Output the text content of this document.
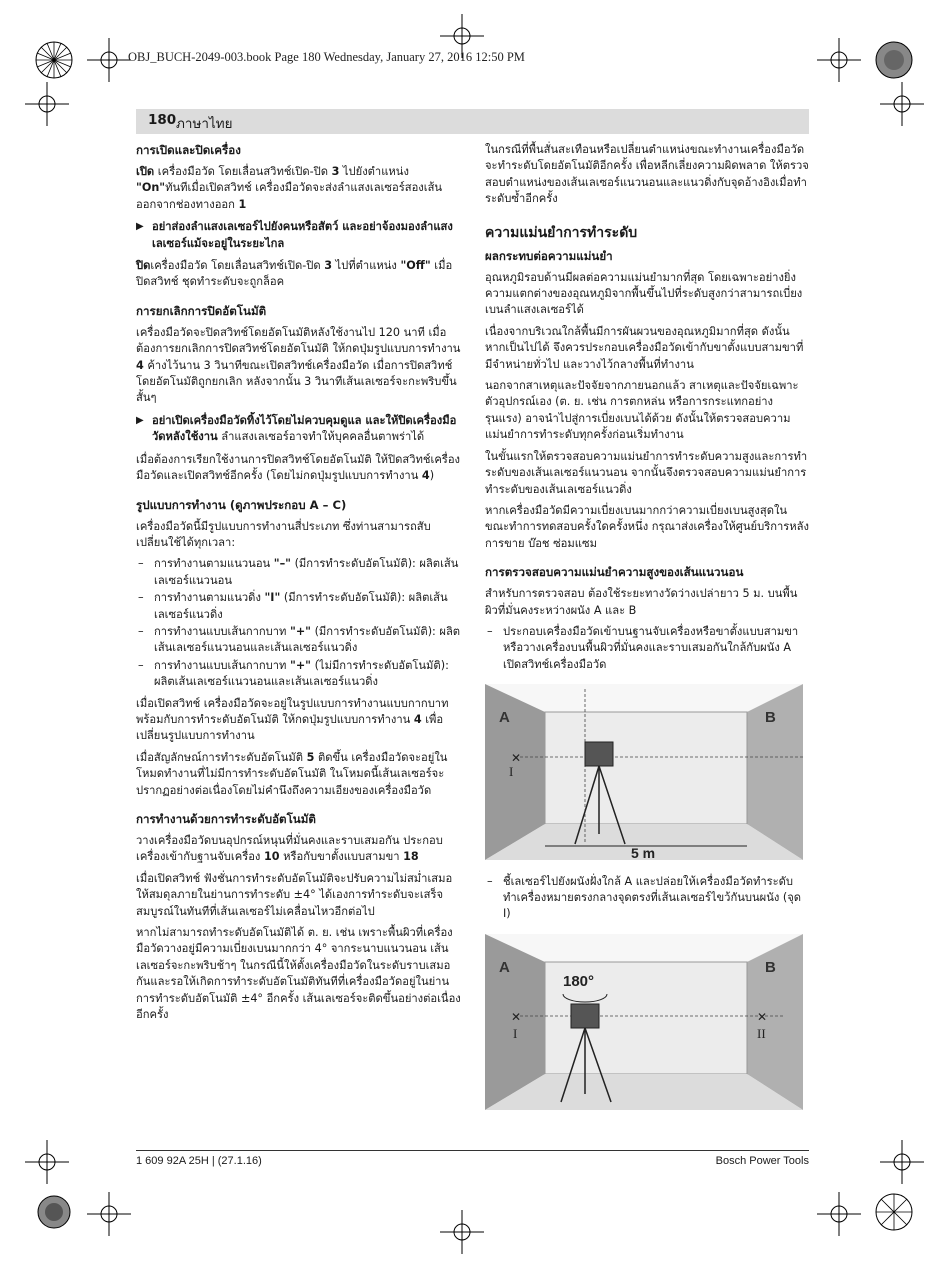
OBJ_BUCH-2049-003.book Page 180 Wednesday, January 27, 2016 12:50 PM
180 ภาษาไทย
การเปิดและปิดเครื่อง

เปิด เครื่องมือวัด โดยเลื่อนสวิทช์เปิด-ปิด 3 ไปยังตำแหน่ง "On"ทันทีเมื่อเปิดสวิทช์ เครื่องมือวัดจะส่งลำแสงเลเซอร์สองเส้นออกจากช่องทางออก 1

▶ อย่าส่องลำแสงเลเซอร์ไปยังคนหรือสัตว์ และอย่าจ้องมองลำแสงเลเซอร์แม้จะอยู่ในระยะไกล

ปิดเครื่องมือวัด โดยเลื่อนสวิทช์เปิด-ปิด 3 ไปที่ตำแหน่ง "Off" เมื่อปิดสวิทช์ ชุดทำระดับจะถูกล็อค

การยกเลิกการปิดอัตโนมัติ

เครื่องมือวัดจะปิดสวิทช์โดยอัตโนมัติหลังใช้งานไป 120 นาที เมื่อต้องการยกเลิกการปิดสวิทช์โดยอัตโนมัติ ให้กดปุ่มรูปแบบการทำงาน 4 ค้างไว้นาน 3 วินาทีขณะเปิดสวิทช์เครื่องมือวัด เมื่อการปิดสวิทช์โดยอัตโนมัติถูกยกเลิก หลังจากนั้น 3 วินาทีเส้นเลเซอร์จะกะพริบขึ้นสั้นๆ

▶ อย่าเปิดเครื่องมือวัดทิ้งไว้โดยไม่ควบคุมดูแล และให้ปิดเครื่องมือวัดหลังใช้งาน ลำแสงเลเซอร์อาจทำให้บุคคลอื่นตาพร่าได้

เมื่อต้องการเรียกใช้งานการปิดสวิทช์โดยอัตโนมัติ ให้ปิดสวิทช์เครื่องมือวัดและเปิดสวิทช์อีกครั้ง (โดยไม่กดปุ่มรูปแบบการทำงาน 4)

รูปแบบการทำงาน (ดูภาพประกอบ A – C)

เครื่องมือวัดนี้มีรูปแบบการทำงานสี่ประเภท ซึ่งท่านสามารถสับเปลี่ยนใช้ได้ทุกเวลา:

– การทำงานตามแนวนอน "–" (มีการทำระดับอัตโนมัติ): ผลิตเส้นเลเซอร์แนวนอน
– การทำงานตามแนวดิ่ง "I" (มีการทำระดับอัตโนมัติ): ผลิตเส้นเลเซอร์แนวดิ่ง
– การทำงานแบบเส้นกากบาท "+" (มีการทำระดับอัตโนมัติ): ผลิตเส้นเลเซอร์แนวนอนและเส้นเลเซอร์แนวดิ่ง
– การทำงานแบบเส้นกากบาท "+" (ไม่มีการทำระดับอัตโนมัติ): ผลิตเส้นเลเซอร์แนวนอนและเส้นเลเซอร์แนวดิ่ง

เมื่อเปิดสวิทช์ เครื่องมือวัดจะอยู่ในรูปแบบการทำงานแบบกากบาทพร้อมกับการทำระดับอัตโนมัติ ให้กดปุ่มรูปแบบการทำงาน 4 เพื่อเปลี่ยนรูปแบบการทำงาน

เมื่อสัญลักษณ์การทำระดับอัตโนมัติ 5 ติดขึ้น เครื่องมือวัดจะอยู่ในโหมดทำงานที่ไม่มีการทำระดับอัตโนมัติ ในโหมดนี้เส้นเลเซอร์จะปรากฏอย่างต่อเนื่องโดยไม่คำนึงถึงความเอียงของเครื่องมือวัด

การทำงานด้วยการทำระดับอัตโนมัติ

วางเครื่องมือวัดบนอุปกรณ์หนุนที่มั่นคงและราบเสมอกัน ประกอบเครื่องเข้ากับฐานจับเครื่อง 10 หรือกับขาตั้งแบบสามขา 18

เมื่อเปิดสวิทช์ ฟังชั่นการทำระดับอัตโนมัติจะปรับความไม่สม่ำเสมอให้สมดุลภายในย่านการทำระดับ ±4° ได้เองการทำระดับจะเสร็จสมบูรณ์ในทันทีที่เส้นเลเซอร์ไม่เคลื่อนไหวอีกต่อไป

หากไม่สามารถทำระดับอัตโนมัติได้ ต. ย. เช่น เพราะพื้นผิวที่เครื่องมือวัดวางอยู่มีความเบี่ยงเบนมากกว่า 4° จากระนาบแนวนอน เส้นเลเซอร์จะกะพริบช้าๆ ในกรณีนี้ให้ตั้งเครื่องมือวัดในระดับราบเสมอกันและรอให้เกิดการทำระดับอัตโนมัติทันทีที่เครื่องมือวัดอยู่ในย่านการทำระดับอัตโนมัติ ±4° อีกครั้ง เส้นเลเซอร์จะติดขึ้นอย่างต่อเนื่องอีกครั้ง

ในกรณีที่พื้นสั่นสะเทือนหรือเปลี่ยนตำแหน่งขณะทำงานเครื่องมือวัดจะทำระดับโดยอัตโนมัติอีกครั้ง เพื่อหลีกเลี่ยงความผิดพลาด ให้ตรวจสอบตำแหน่งของเส้นเลเซอร์แนวนอนและแนวดิ่งกับจุดอ้างอิงเมื่อทำระดับซ้ำอีกครั้ง

ความแม่นยำการทำระดับ
ผลกระทบต่อความแม่นยำ

อุณหภูมิรอบด้านมีผลต่อความแม่นยำมากที่สุด โดยเฉพาะอย่างยิ่งความแตกต่างของอุณหภูมิจากพื้นขึ้นไปที่ระดับสูงกว่าสามารถเบี่ยงเบนลำแสงเลเซอร์ได้

เนื่องจากบริเวณใกล้พื้นมีการผันผวนของอุณหภูมิมากที่สุด ดังนั้นหากเป็นไปได้ จึงควรประกอบเครื่องมือวัดเข้ากับขาตั้งแบบสามขาที่มีจำหน่ายทั่วไป และวางไว้กลางพื้นที่ทำงาน

นอกจากสาเหตุและปัจจัยจากภายนอกแล้ว สาเหตุและปัจจัยเฉพาะตัวอุปกรณ์เอง (ต. ย. เช่น การตกหล่น หรือการกระแทกอย่างรุนแรง) อาจนำไปสู่การเบี่ยงเบนได้ด้วย ดังนั้นให้ตรวจสอบความแม่นยำการทำระดับทุกครั้งก่อนเริ่มทำงาน

ในขั้นแรกให้ตรวจสอบความแม่นยำการทำระดับความสูงและการทำระดับของเส้นเลเซอร์แนวนอน จากนั้นจึงตรวจสอบความแม่นยำการทำระดับของเส้นเลเซอร์แนวดิ่ง

หากเครื่องมือวัดมีความเบี่ยงเบนมากกว่าความเบี่ยงเบนสูงสุดในขณะทำการทดสอบครั้งใดครั้งหนึ่ง กรุณาส่งเครื่องให้ศูนย์บริการหลังการขาย บ๊อช ซ่อมแซม

การตรวจสอบความแม่นยำความสูงของเส้นแนวนอน

สำหรับการตรวจสอบ ต้องใช้ระยะทางวัดว่างเปล่ายาว 5 ม. บนพื้นผิวที่มั่นคงระหว่างผนัง A และ B

– ประกอบเครื่องมือวัดเข้าบนฐานจับเครื่องหรือขาตั้งแบบสามขา หรือวางเครื่องบนพื้นผิวที่มั่นคงและราบเสมอกันใกล้กับผนัง A เปิดสวิทช์เครื่องมือวัด
A	B
I
✕
5 m
– ชี้เลเซอร์ไปยังผนังฝั่งใกล้ A และปล่อยให้เครื่องมือวัดทำระดับ ทำเครื่องหมายตรงกลางจุดตรงที่เส้นเลเซอร์ไขว้กันบนผนัง (จุด I)
180°
A	B
✕
I
✕
II
1 609 92A 25H | (27.1.16)	Bosch Power Tools
